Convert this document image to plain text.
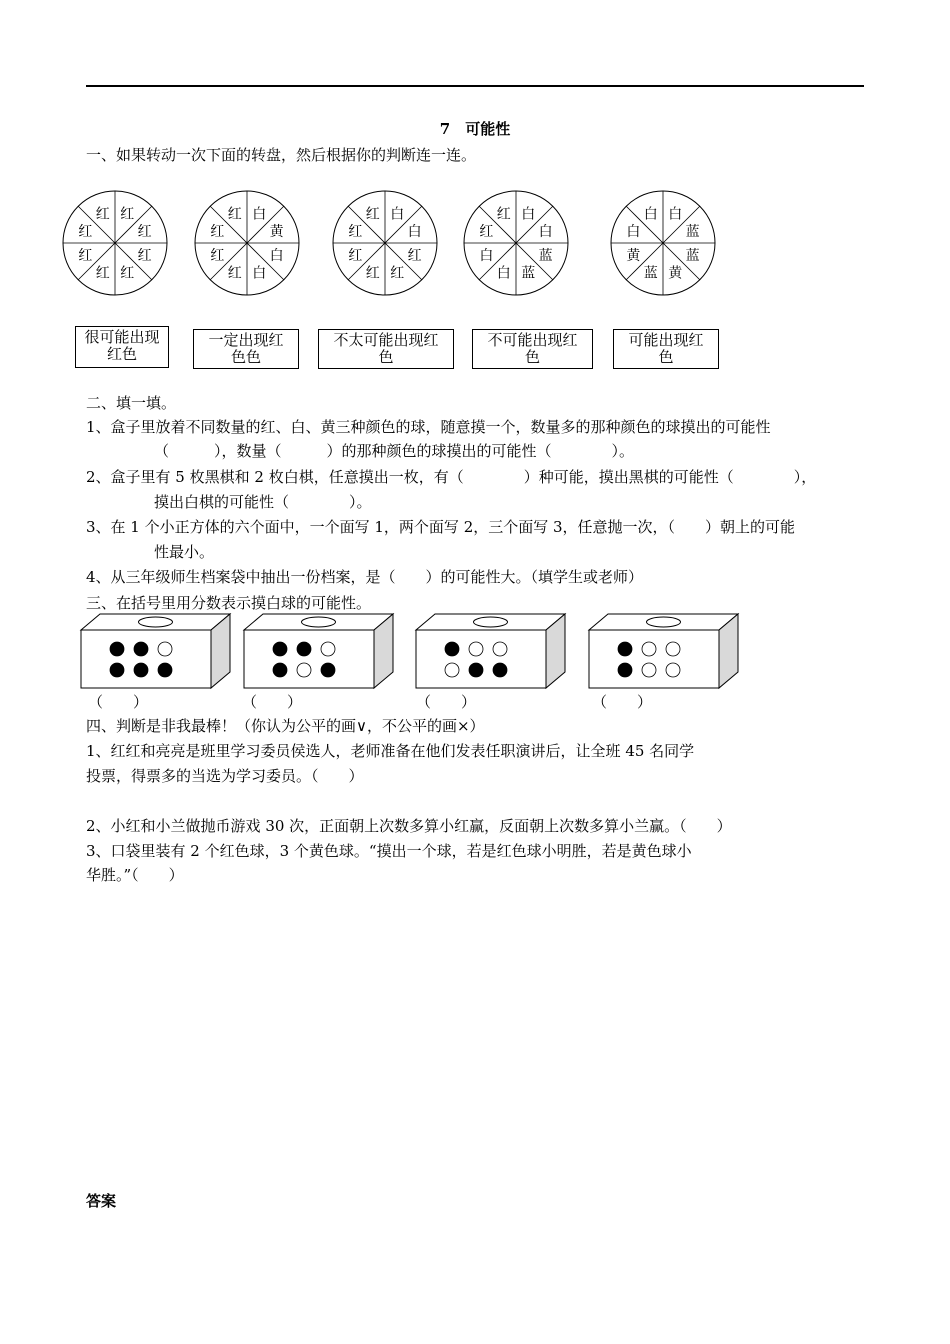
7　可能性
一、如果转动一次下面的转盘，然后根据你的判断连一连。
红
红
红
红
红
红
红
红	白
黄
白
白
红
红
红
红	白
白
红
红
红
红
红
红	白
白
蓝
蓝
白
白
红
红	白
蓝
蓝
黄
蓝
黄
白
白
很可能出现
红色
一定出现红
色色
不太可能出现红
色
不可能出现红
色
可能出现红
色
二、填一填。
1、盒子里放着不同数量的红、白、黄三种颜色的球，随意摸一个，数量多的那种颜色的球摸出的可能性
（　　　），数量（　　　）的那种颜色的球摸出的可能性（　　　　）。
2、盒子里有 5 枚黑棋和 2 枚白棋，任意摸出一枚，有（　　　　）种可能，摸出黑棋的可能性（　　　　），
摸出白棋的可能性（　　　　）。
3、在 1 个小正方体的六个面中，一个面写 1，两个面写 2，三个面写 3，任意抛一次，（　　）朝上的可能
性最小。
4、从三年级师生档案袋中抽出一份档案，是（　　）的可能性大。（填学生或老师）
三、在括号里用分数表示摸白球的可能性。
（　　）	（　　）	（　　）	（　　）
四、判断是非我最棒！（你认为公平的画∨，不公平的画×）
1、红红和亮亮是班里学习委员侯选人，老师准备在他们发表任职演讲后，让全班 45 名同学
投票，得票多的当选为学习委员。（　　）
2、小红和小兰做抛币游戏 30 次，正面朝上次数多算小红赢，反面朝上次数多算小兰赢。（　　）
3、口袋里装有 2 个红色球，3 个黄色球。“摸出一个球，若是红色球小明胜，若是黄色球小
华胜。”（　　）
答案
